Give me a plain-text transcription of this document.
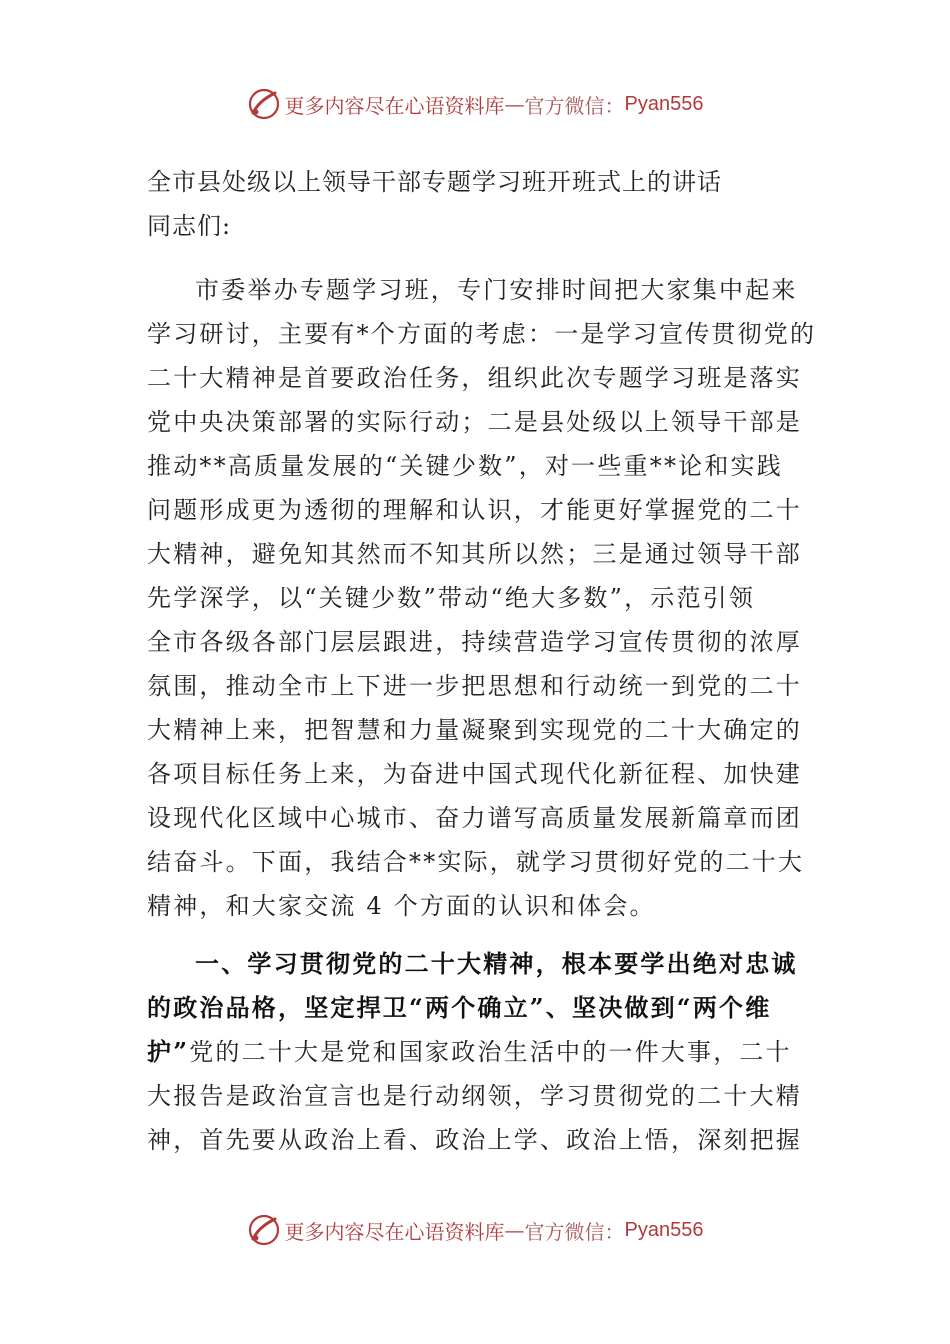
更多内容尽在心语资料库 — 官方微信： Pyan556
全市县处级以上领导干部专题学习班开班式上的讲话
同志们:
市委举办专题学习班，专门安排时间把大家集中起来
学习研讨，主要有*个方面的考虑：一是学习宣传贯彻党的
二十大精神是首要政治任务，组织此次专题学习班是落实
党中央决策部署的实际行动；二是县处级以上领导干部是
推动**高质量发展的“关键少数”，对一些重**论和实践
问题形成更为透彻的理解和认识，才能更好掌握党的二十
大精神，避免知其然而不知其所以然；三是通过领导干部
先学深学，以“关键少数”带动“绝大多数”，示范引领
全市各级各部门层层跟进，持续营造学习宣传贯彻的浓厚
氛围，推动全市上下进一步把思想和行动统一到党的二十
大精神上来，把智慧和力量凝聚到实现党的二十大确定的
各项目标任务上来，为奋进中国式现代化新征程、加快建
设现代化区域中心城市、奋力谱写高质量发展新篇章而团
结奋斗。下面，我结合**实际，就学习贯彻好党的二十大
精神，和大家交流 4 个方面的认识和体会。
一、学习贯彻党的二十大精神，根本要学出绝对忠诚
的政治品格，坚定捍卫“两个确立”、坚决做到“两个维
护”党的二十大是党和国家政治生活中的一件大事，二十
大报告是政治宣言也是行动纲领，学习贯彻党的二十大精
神，首先要从政治上看、政治上学、政治上悟，深刻把握
更多内容尽在心语资料库 — 官方微信： Pyan556
